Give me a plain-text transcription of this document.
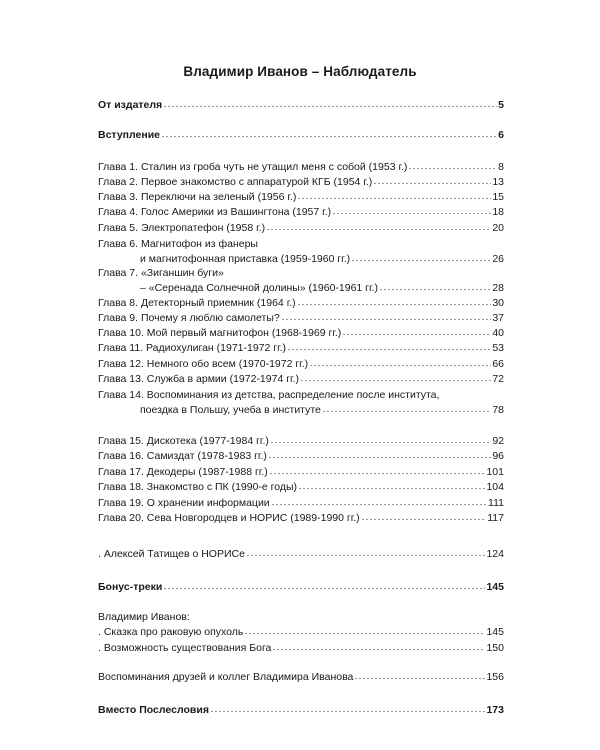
Владимир Иванов – Наблюдатель
От издателя	5
Вступление	6
Глава 1. Сталин из гроба чуть не утащил меня с собой (1953 г.)	8
Глава 2. Первое знакомство с аппаратурой КГБ (1954 г.)	13
Глава 3. Переключи на зеленый (1956 г.)	15
Глава 4. Голос Америки из Вашингтона (1957 г.)	18
Глава 5. Электропатефон (1958 г.)	20
Глава 6. Магнитофон из фанеры
и магнитофонная приставка (1959-1960 гг.)	26
Глава 7. «Зиганшин буги»
– «Серенада Солнечной долины» (1960-1961 гг.)	28
Глава 8. Детекторный приемник (1964 г.)	30
Глава 9. Почему я люблю самолеты?	37
Глава 10. Мой первый магнитофон (1968-1969 гг.)	40
Глава 11. Радиохулиган (1971-1972 гг.)	53
Глава 12. Немного обо всем (1970-1972 гг.)	66
Глава 13. Служба в армии (1972-1974 гг.)	72
Глава 14. Воспоминания из детства, распределение после института,
поездка в Польшу, учеба в институте	78
Глава 15. Дискотека (1977-1984 гг.)	92
Глава 16. Самиздат (1978-1983 гг.)	96
Глава 17. Декодеры (1987-1988 гг.)	101
Глава 18. Знакомство с ПК (1990-е годы)	104
Глава 19. О хранении информации	111
Глава 20. Сева Новгородцев и НОРИС (1989-1990 гг.)	117
. Алексей Татищев о НОРИСе	124
Бонус-треки	145
Владимир Иванов:
. Сказка про раковую опухоль	145
. Возможность существования Бога	150
Воспоминания друзей и коллег Владимира Иванова	156
Вместо Послесловия	173
